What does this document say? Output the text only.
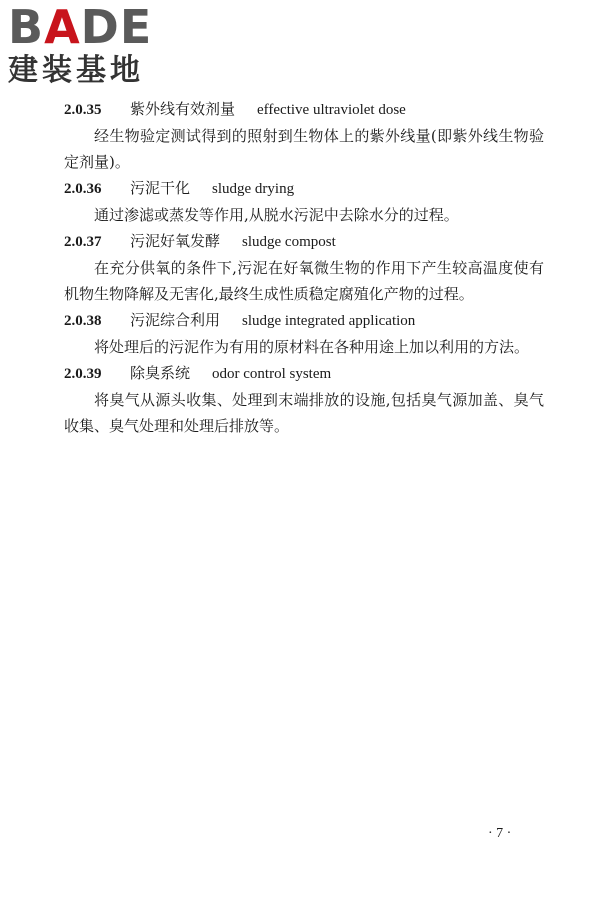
BADE
建装基地
2.0.35 紫外线有效剂量 effective ultraviolet dose

经生物验定测试得到的照射到生物体上的紫外线量(即紫外线生物验定剂量)。

2.0.36 污泥干化 sludge drying

通过渗滤或蒸发等作用,从脱水污泥中去除水分的过程。

2.0.37 污泥好氧发酵 sludge compost

在充分供氧的条件下,污泥在好氧微生物的作用下产生较高温度使有机物生物降解及无害化,最终生成性质稳定腐殖化产物的过程。

2.0.38 污泥综合利用 sludge integrated application

将处理后的污泥作为有用的原材料在各种用途上加以利用的方法。

2.0.39 除臭系统 odor control system

将臭气从源头收集、处理到末端排放的设施,包括臭气源加盖、臭气收集、臭气处理和处理后排放等。

· 7 ·
